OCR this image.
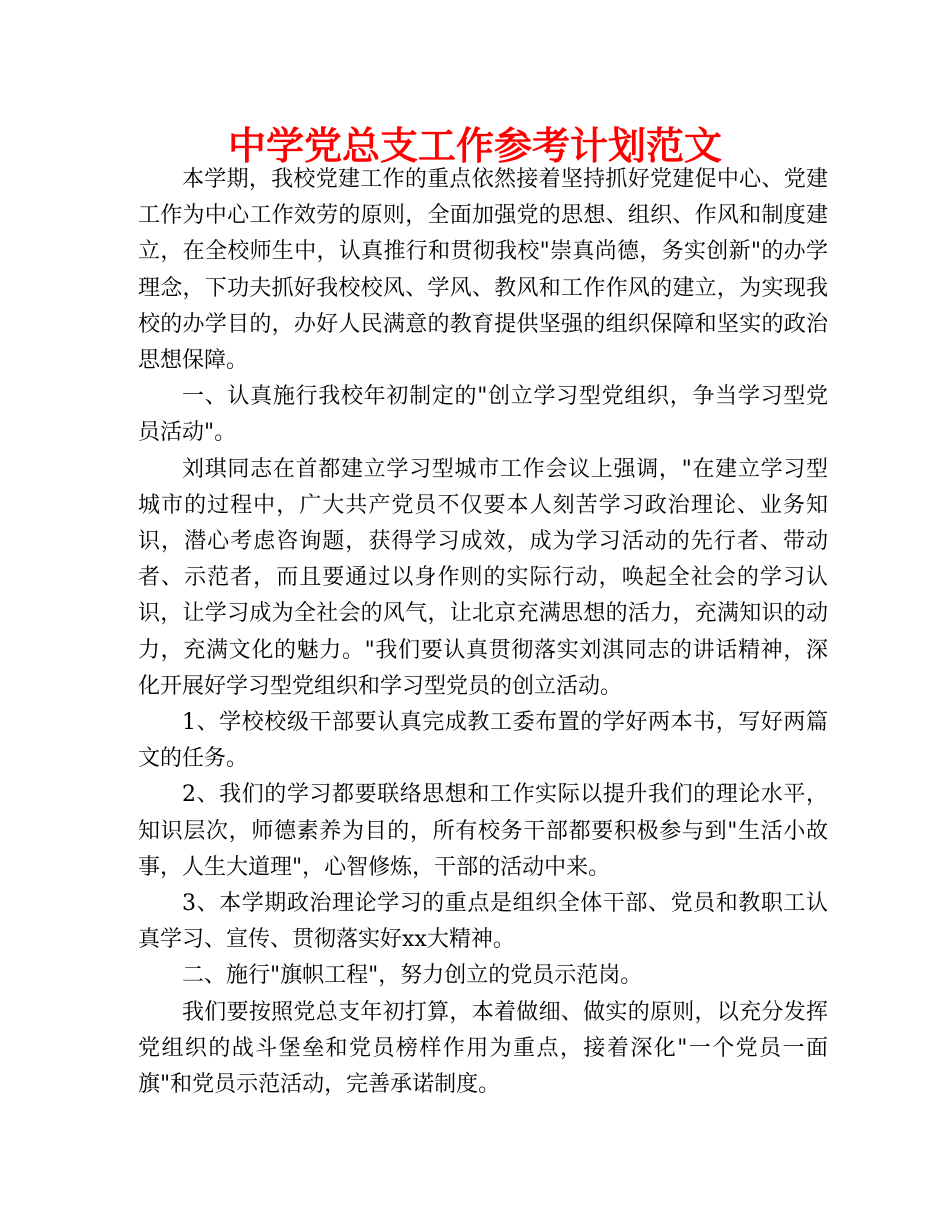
中学党总支工作参考计划范文

本学期，我校党建工作的重点依然接着坚持抓好党建促中心、党建工作为中心工作效劳的原则，全面加强党的思想、组织、作风和制度建立，在全校师生中，认真推行和贯彻我校"崇真尚德，务实创新"的办学理念，下功夫抓好我校校风、学风、教风和工作作风的建立，为实现我校的办学目的，办好人民满意的教育提供坚强的组织保障和坚实的政治思想保障。

一、认真施行我校年初制定的"创立学习型党组织，争当学习型党员活动"。

刘琪同志在首都建立学习型城市工作会议上强调，"在建立学习型城市的过程中，广大共产党员不仅要本人刻苦学习政治理论、业务知识，潜心考虑咨询题，获得学习成效，成为学习活动的先行者、带动者、示范者，而且要通过以身作则的实际行动，唤起全社会的学习认识，让学习成为全社会的风气，让北京充满思想的活力，充满知识的动力，充满文化的魅力。"我们要认真贯彻落实刘淇同志的讲话精神，深化开展好学习型党组织和学习型党员的创立活动。

1、学校校级干部要认真完成教工委布置的学好两本书，写好两篇文的任务。

2、我们的学习都要联络思想和工作实际以提升我们的理论水平，知识层次，师德素养为目的，所有校务干部都要积极参与到"生活小故事，人生大道理"，心智修炼，干部的活动中来。

3、本学期政治理论学习的重点是组织全体干部、党员和教职工认真学习、宣传、贯彻落实好xx大精神。

二、施行"旗帜工程"，努力创立的党员示范岗。

我们要按照党总支年初打算，本着做细、做实的原则，以充分发挥党组织的战斗堡垒和党员榜样作用为重点，接着深化"一个党员一面旗"和党员示范活动，完善承诺制度。
